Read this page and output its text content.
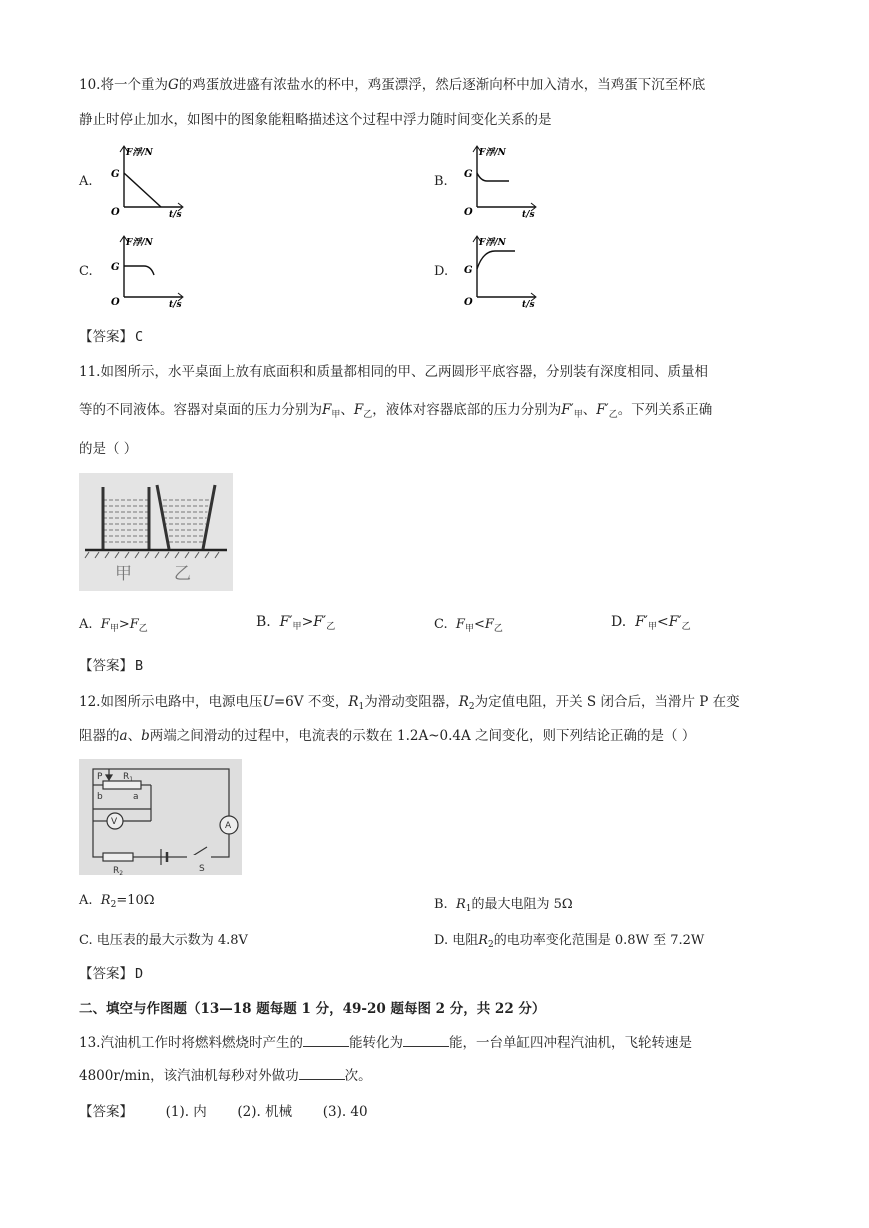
10.将一个重为G的鸡蛋放进盛有浓盐水的杯中，鸡蛋漂浮，然后逐渐向杯中加入清水，当鸡蛋下沉至杯底
静止时停止加水，如图中的图象能粗略描述这个过程中浮力随时间变化关系的是
A.
F浮/N
G
O	t/s
B.
F浮/N
G
O	t/s
C.
F浮/N
G
O	t/s
D.
F浮/N
G
O	t/s
【答案】 C
11.如图所示，水平桌面上放有底面积和质量都相同的甲、乙两圆形平底容器，分别装有深度相同、质量相
等的不同液体。容器对桌面的压力分别为$F_甲$、$F_乙$，液体对容器底部的压力分别为$F'_甲$、$F'_乙$。下列关系正确
的是（ ）
甲 乙
A.  $F_甲>F_乙$	B.  $F'_甲>F'_乙$	C.  $F_甲<F_乙$	D.  $F'_甲<F'_乙$
【答案】 B
12.如图所示电路中，电源电压U=6V 不变，$R_1$为滑动变阻器，$R_2$为定值电阻，开关 S 闭合后，当滑片 P 在变
阻器的a、b两端之间滑动的过程中，电流表的示数在 1.2A~0.4A 之间变化，则下列结论正确的是（ ）
P $R_1$
b	a
V	A
$R_2$	S
A. $R_2=10\Omega$	B. $R_1$的最大电阻为 5Ω
C. 电压表的最大示数为 4.8V	D. 电阻$R_2$的电功率变化范围是 0.8W 至 7.2W
【答案】 D
二、填空与作图题（13—18 题每题 1 分，49-20 题每图 2 分，共 22 分）
13.汽油机工作时将燃料燃烧时产生的	能转化为	能，一台单缸四冲程汽油机，飞轮转速是
4800r/min，该汽油机每秒对外做功	次。
【答案】 (1). 内 (2). 机械 (3). 40
